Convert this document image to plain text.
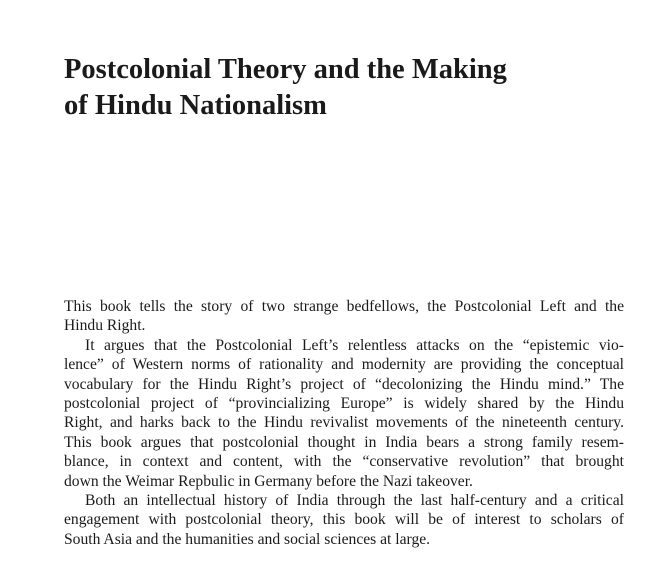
Postcolonial Theory and the Making
of Hindu Nationalism
This book tells the story of two strange bedfellows, the Postcolonial Left and the
Hindu Right.
It argues that the Postcolonial Left’s relentless attacks on the “epistemic vio-
lence” of Western norms of rationality and modernity are providing the conceptual
vocabulary for the Hindu Right’s project of “decolonizing the Hindu mind.” The
postcolonial project of “provincializing Europe” is widely shared by the Hindu
Right, and harks back to the Hindu revivalist movements of the nineteenth century.
This book argues that postcolonial thought in India bears a strong family resem-
blance, in context and content, with the “conservative revolution” that brought
down the Weimar Repbulic in Germany before the Nazi takeover.
Both an intellectual history of India through the last half-century and a critical
engagement with postcolonial theory, this book will be of interest to scholars of
South Asia and the humanities and social sciences at large.
